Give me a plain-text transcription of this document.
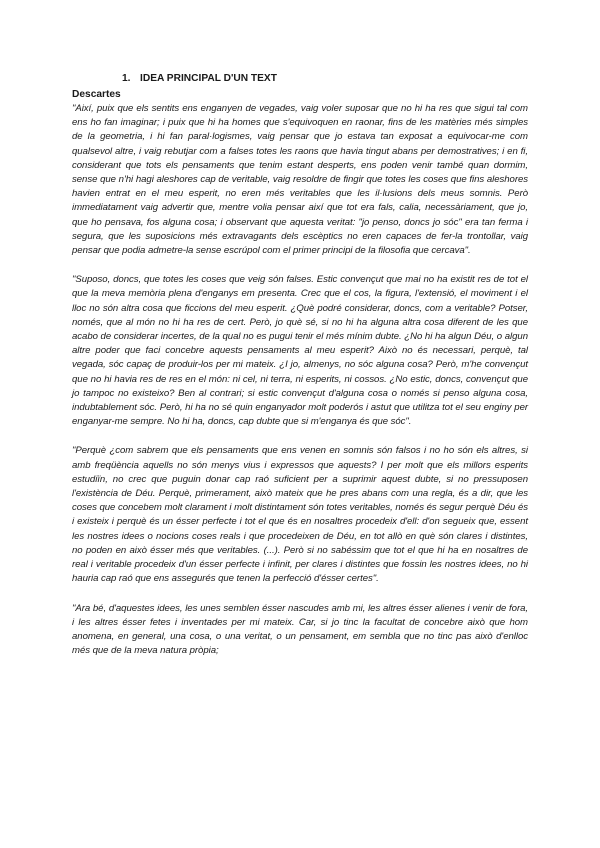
1. IDEA PRINCIPAL D'UN TEXT

Descartes

"Així, puix que els sentits ens enganyen de vegades, vaig voler suposar que no hi ha res que sigui tal com ens ho fan imaginar; i puix que hi ha homes que s'equivoquen en raonar, fins de les matèries més simples de la geometria, i hi fan paral·logismes, vaig pensar que jo estava tan exposat a equivocar-me com qualsevol altre, i vaig rebutjar com a falses totes les raons que havia tingut abans per demostratives; i en fi, considerant que tots els pensaments que tenim estant desperts, ens poden venir també quan dormim, sense que n'hi hagi aleshores cap de veritable, vaig resoldre de fingir que totes les coses que fins aleshores havien entrat en el meu esperit, no eren més veritables que les il·lusions dels meus somnis. Però immediatament vaig advertir que, mentre volia pensar així que tot era fals, calia, necessàriament, que jo, que ho pensava, fos alguna cosa; i observant que aquesta veritat: "jo penso, doncs jo sóc" era tan ferma i segura, que les suposicions més extravagants dels escèptics no eren capaces de fer-la trontollar, vaig pensar que podia admetre-la sense escrúpol com el primer principi de la filosofia que cercava".

"Suposo, doncs, que totes les coses que veig són falses. Estic convençut que mai no ha existit res de tot el que la meva memòria plena d'enganys em presenta. Crec que el cos, la figura, l'extensió, el moviment i el lloc no són altra cosa que ficcions del meu esperit. ¿Què podré considerar, doncs, com a veritable? Potser, només, que al món no hi ha res de cert. Però, jo què sé, si no hi ha alguna altra cosa diferent de les que acabo de considerar incertes, de la qual no es pugui tenir el més mínim dubte. ¿No hi ha algun Déu, o algun altre poder que faci concebre aquests pensaments al meu esperit? Això no és necessari, perquè, tal vegada, sóc capaç de produir-los per mi mateix. ¿I jo, almenys, no sóc alguna cosa? Però, m'he convençut que no hi havia res de res en el món: ni cel, ni terra, ni esperits, ni cossos. ¿No estic, doncs, convençut que jo tampoc no existeixo? Ben al contrari; si estic convençut d'alguna cosa o només si penso alguna cosa, indubtablement sóc. Però, hi ha no sé quin enganyador molt poderós i astut que utilitza tot el seu enginy per enganyar-me sempre. No hi ha, doncs, cap dubte que si m'enganya és que sóc".

"Perquè ¿com sabrem que els pensaments que ens venen en somnis són falsos i no ho són els altres, si amb freqüència aquells no són menys vius i expressos que aquests? I per molt que els millors esperits estudiïn, no crec que puguin donar cap raó suficient per a suprimir aquest dubte, si no pressuposen l'existència de Déu. Perquè, primerament, això mateix que he pres abans com una regla, és a dir, que les coses que concebem molt clarament i molt distintament són totes veritables, només és segur perquè Déu és i existeix i perquè és un ésser perfecte i tot el que és en nosaltres procedeix d'ell: d'on segueix que, essent les nostres idees o nocions coses reals i que procedeixen de Déu, en tot allò en què són clares i distintes, no poden en això ésser més que veritables. (...). Però si no sabéssim que tot el que hi ha en nosaltres de real i veritable procedeix d'un ésser perfecte i infinit, per clares i distintes que fossin les nostres idees, no hi hauria cap raó que ens assegurés que tenen la perfecció d'ésser certes".

"Ara bé, d'aquestes idees, les unes semblen ésser nascudes amb mi, les altres ésser alienes i venir de fora, i les altres ésser fetes i inventades per mi mateix. Car, si jo tinc la facultat de concebre això que hom anomena, en general, una cosa, o una veritat, o un pensament, em sembla que no tinc pas això d'enlloc més que de la meva natura pròpia;
